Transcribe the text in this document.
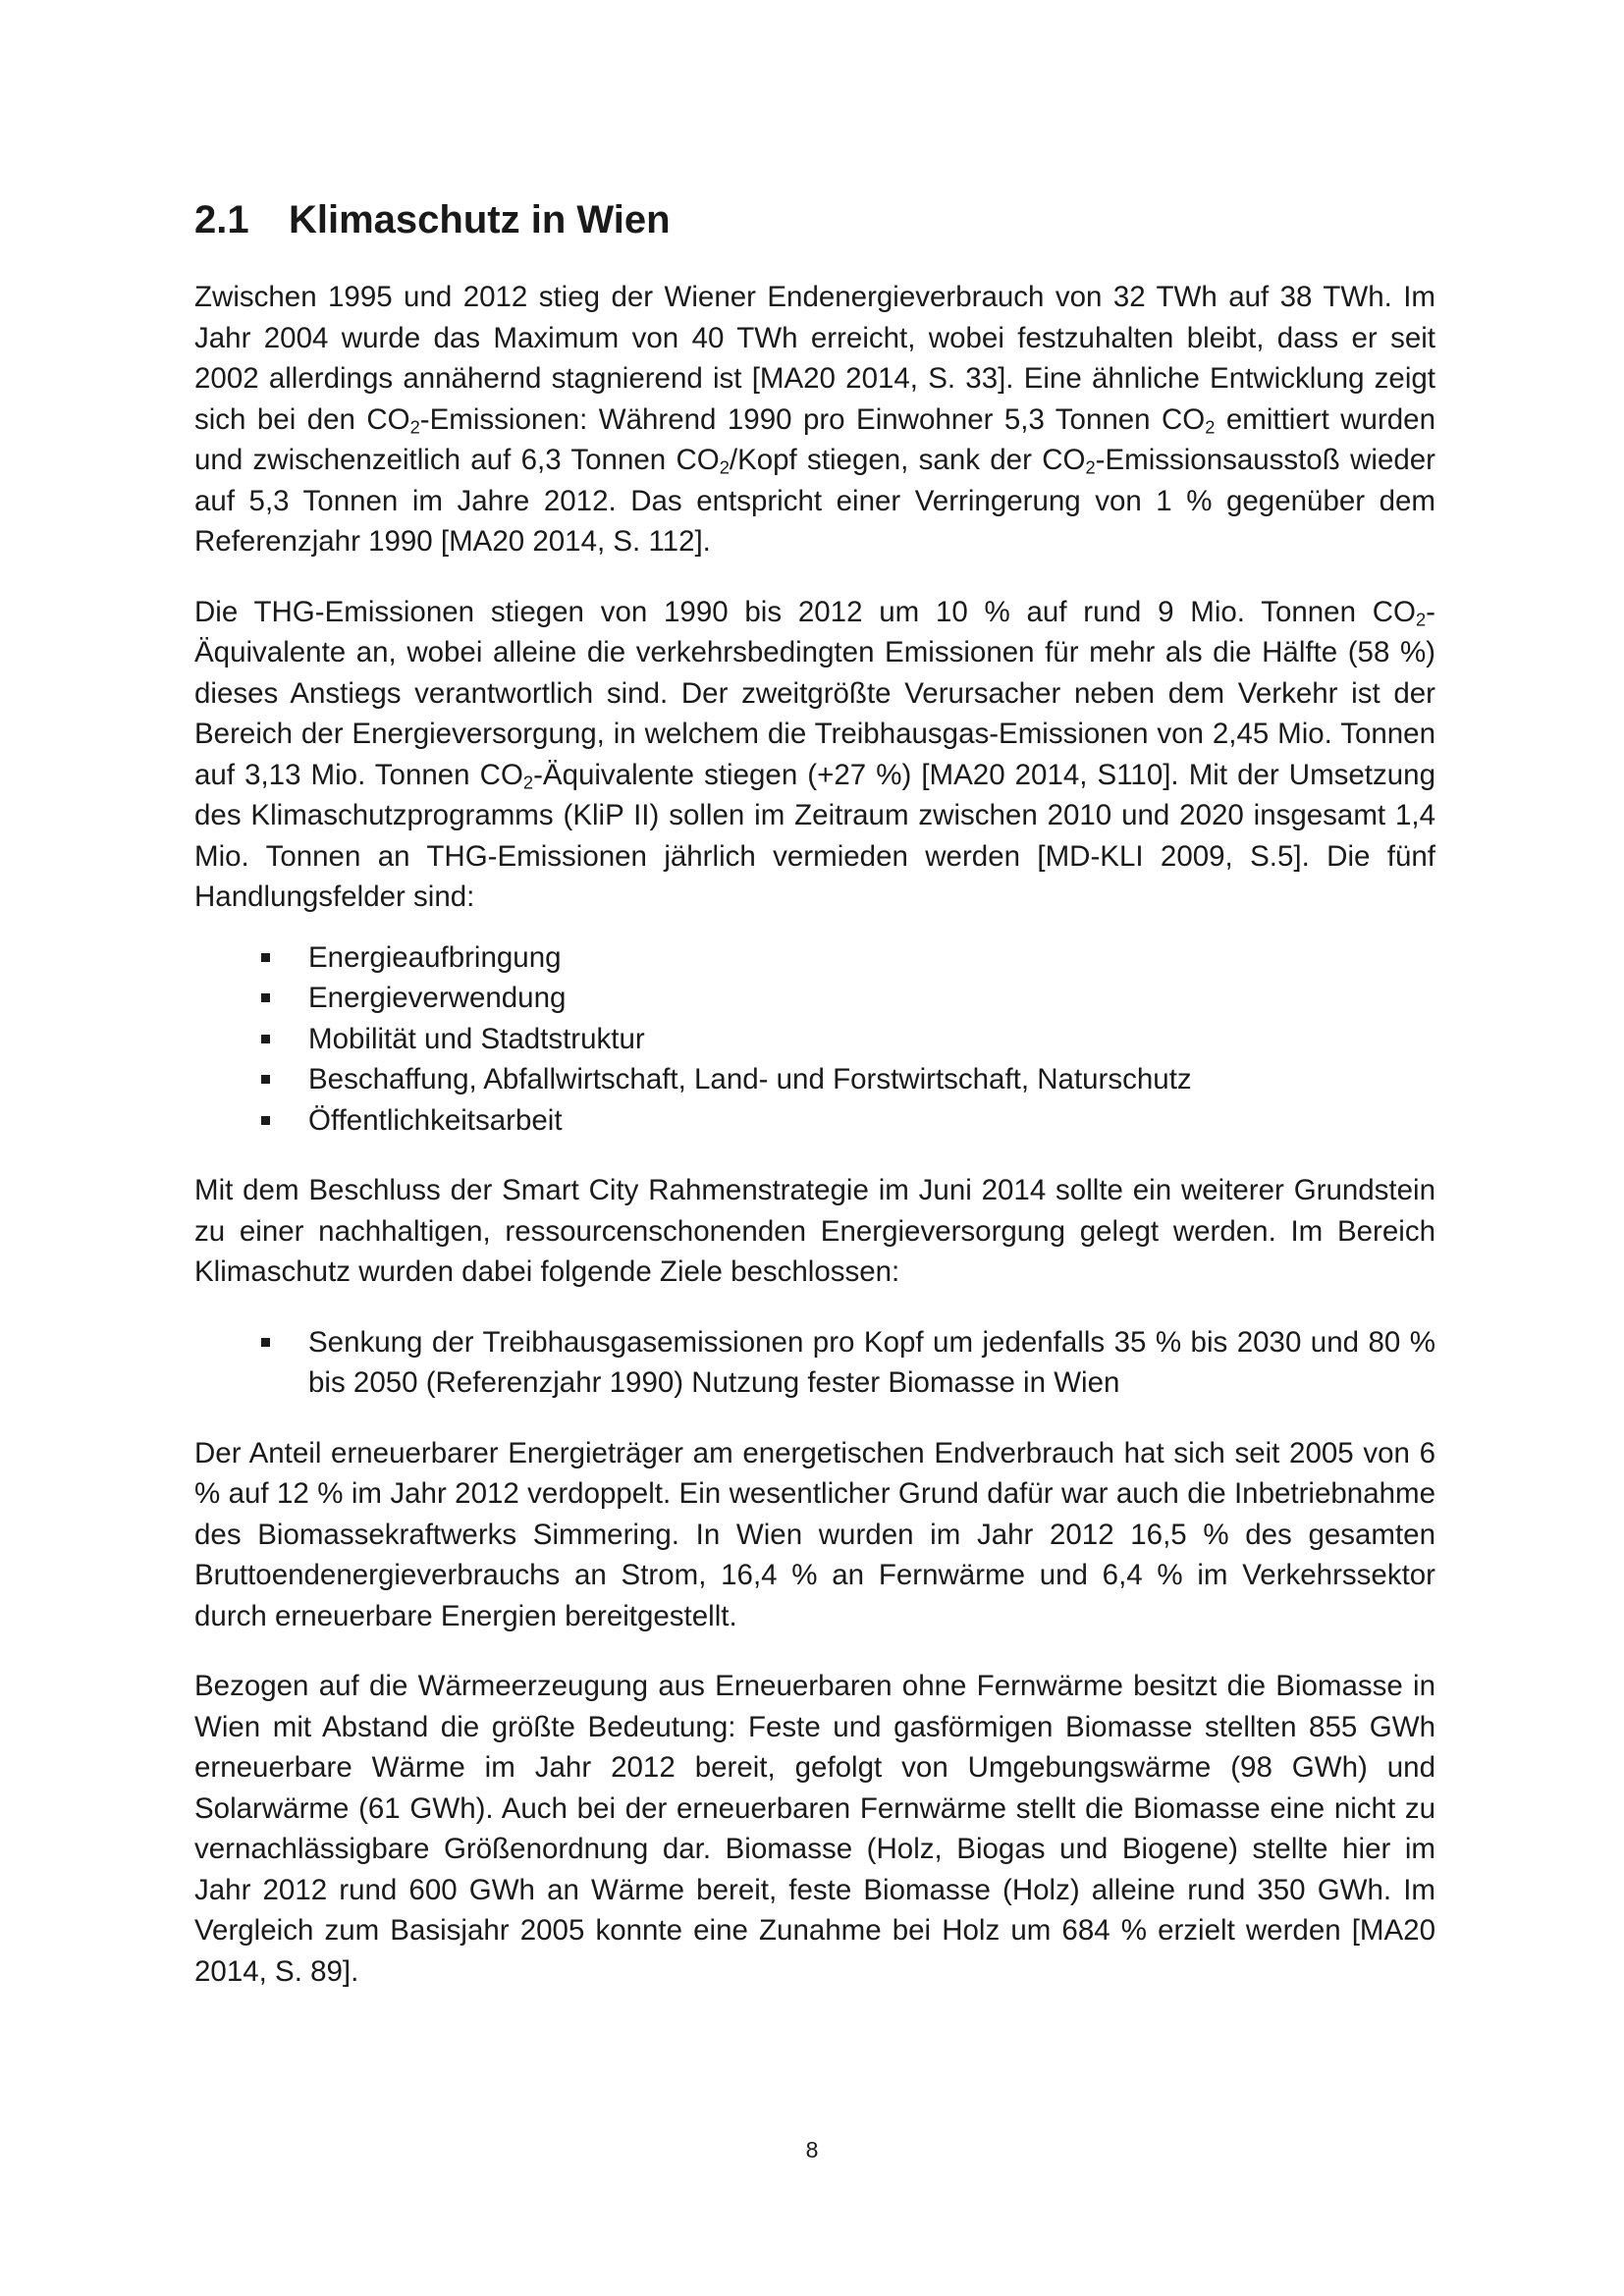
2.1 Klimaschutz in Wien

Zwischen 1995 und 2012 stieg der Wiener Endenergieverbrauch von 32 TWh auf 38 TWh. Im Jahr 2004 wurde das Maximum von 40 TWh erreicht, wobei festzuhalten bleibt, dass er seit 2002 allerdings annähernd stagnierend ist [MA20 2014, S. 33]. Eine ähnliche Entwicklung zeigt sich bei den $CO_2$-Emissionen: Während 1990 pro Einwohner 5,3 Tonnen $CO_2$ emittiert wurden und zwischenzeitlich auf 6,3 Tonnen $CO_2$/Kopf stiegen, sank der $CO_2$-Emissionsausstoß wieder auf 5,3 Tonnen im Jahre 2012. Das entspricht einer Verringerung von 1 % gegenüber dem Referenzjahr 1990 [MA20 2014, S. 112].

Die THG-Emissionen stiegen von 1990 bis 2012 um 10 % auf rund 9 Mio. Tonnen $CO_2$-Äquivalente an, wobei alleine die verkehrsbedingten Emissionen für mehr als die Hälfte (58 %) dieses Anstiegs verantwortlich sind. Der zweitgrößte Verursacher neben dem Verkehr ist der Bereich der Energieversorgung, in welchem die Treibhausgas-Emissionen von 2,45 Mio. Tonnen auf 3,13 Mio. Tonnen $CO_2$-Äquivalente stiegen (+27 %) [MA20 2014, S110]. Mit der Umsetzung des Klimaschutzprogramms (KliP II) sollen im Zeitraum zwischen 2010 und 2020 insgesamt 1,4 Mio. Tonnen an THG-Emissionen jährlich vermieden werden [MD-KLI 2009, S.5]. Die fünf Handlungsfelder sind:

Energieaufbringung
Energieverwendung
Mobilität und Stadtstruktur
Beschaffung, Abfallwirtschaft, Land- und Forstwirtschaft, Naturschutz
Öffentlichkeitsarbeit

Mit dem Beschluss der Smart City Rahmenstrategie im Juni 2014 sollte ein weiterer Grundstein zu einer nachhaltigen, ressourcenschonenden Energieversorgung gelegt werden. Im Bereich Klimaschutz wurden dabei folgende Ziele beschlossen:

Senkung der Treibhausgasemissionen pro Kopf um jedenfalls 35 % bis 2030 und 80 % bis 2050 (Referenzjahr 1990) Nutzung fester Biomasse in Wien

Der Anteil erneuerbarer Energieträger am energetischen Endverbrauch hat sich seit 2005 von 6 % auf 12 % im Jahr 2012 verdoppelt. Ein wesentlicher Grund dafür war auch die Inbetriebnahme des Biomassekraftwerks Simmering. In Wien wurden im Jahr 2012 16,5 % des gesamten Bruttoendenergieverbrauchs an Strom, 16,4 % an Fernwärme und 6,4 % im Verkehrssektor durch erneuerbare Energien bereitgestellt.

Bezogen auf die Wärmeerzeugung aus Erneuerbaren ohne Fernwärme besitzt die Biomasse in Wien mit Abstand die größte Bedeutung: Feste und gasförmigen Biomasse stellten 855 GWh erneuerbare Wärme im Jahr 2012 bereit, gefolgt von Umgebungswärme (98 GWh) und Solarwärme (61 GWh). Auch bei der erneuerbaren Fernwärme stellt die Biomasse eine nicht zu vernachlässigbare Größenordnung dar. Biomasse (Holz, Biogas und Biogene) stellte hier im Jahr 2012 rund 600 GWh an Wärme bereit, feste Biomasse (Holz) alleine rund 350 GWh. Im Vergleich zum Basisjahr 2005 konnte eine Zunahme bei Holz um 684 % erzielt werden [MA20 2014, S. 89].

8
